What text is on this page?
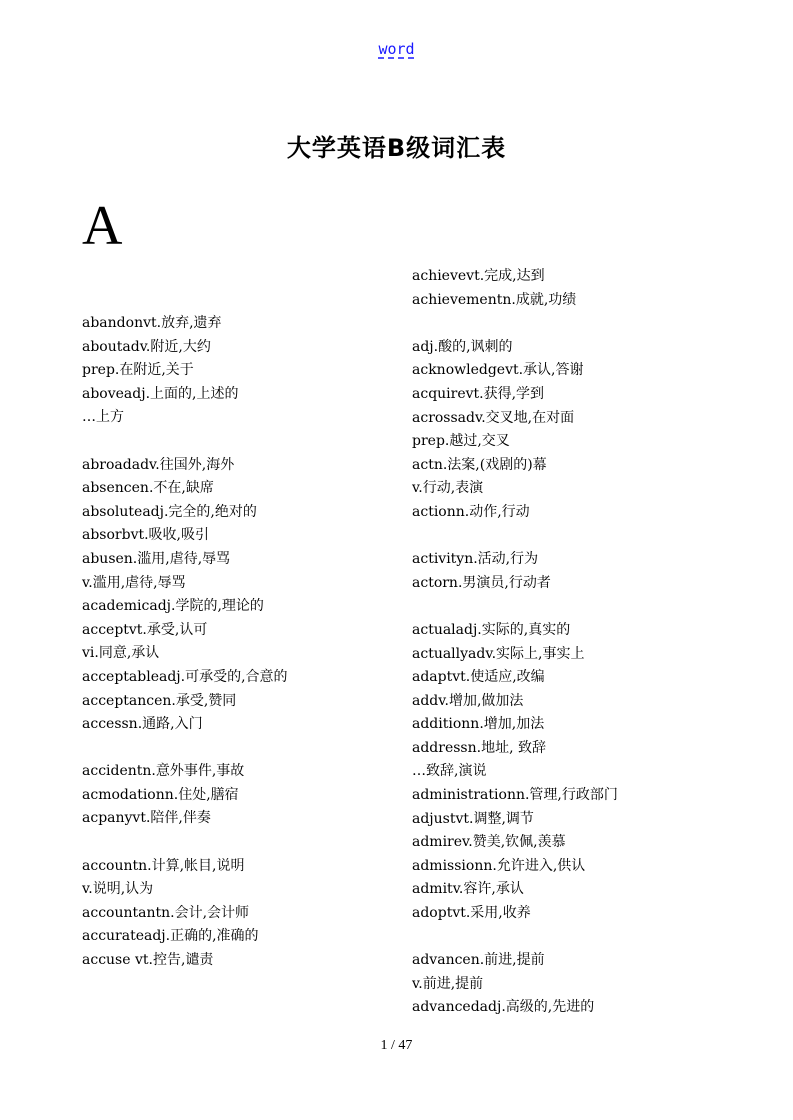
word
大学英语B级词汇表
A
abandonvt.放弃,遗弃
aboutadv.附近,大约
prep.在附近,关于
aboveadj.上面的,上述的
…上方
abroadadv.往国外,海外
absencen.不在,缺席
absoluteadj.完全的,绝对的
absorbvt.吸收,吸引
abusen.滥用,虐待,辱骂
v.滥用,虐待,辱骂
academicadj.学院的,理论的
acceptvt.承受,认可
vi.同意,承认
acceptableadj.可承受的,合意的
acceptancen.承受,赞同
accessn.通路,入门
accidentn.意外事件,事故
acmodationn.住处,膳宿
acpanyvt.陪伴,伴奏
accountn.计算,帐目,说明
v.说明,认为
accountantn.会计,会计师
accurateadj.正确的,准确的
accuse vt.控告,谴责
achievevt.完成,达到
achievementn.成就,功绩
adj.酸的,讽刺的
acknowledgevt.承认,答谢
acquirevt.获得,学到
acrossadv.交叉地,在对面
prep.越过,交叉
actn.法案,(戏剧的)幕
v.行动,表演
actionn.动作,行动
activityn.活动,行为
actorn.男演员,行动者
actualadj.实际的,真实的
actuallyadv.实际上,事实上
adaptvt.使适应,改编
addv.增加,做加法
additionn.增加,加法
addressn.地址, 致辞
…致辞,演说
administrationn.管理,行政部门
adjustvt.调整,调节
admirev.赞美,钦佩,羡慕
admissionn.允许进入,供认
admitv.容许,承认
adoptvt.采用,收养
advancen.前进,提前
v.前进,提前
advancedadj.高级的,先进的
1 / 47
